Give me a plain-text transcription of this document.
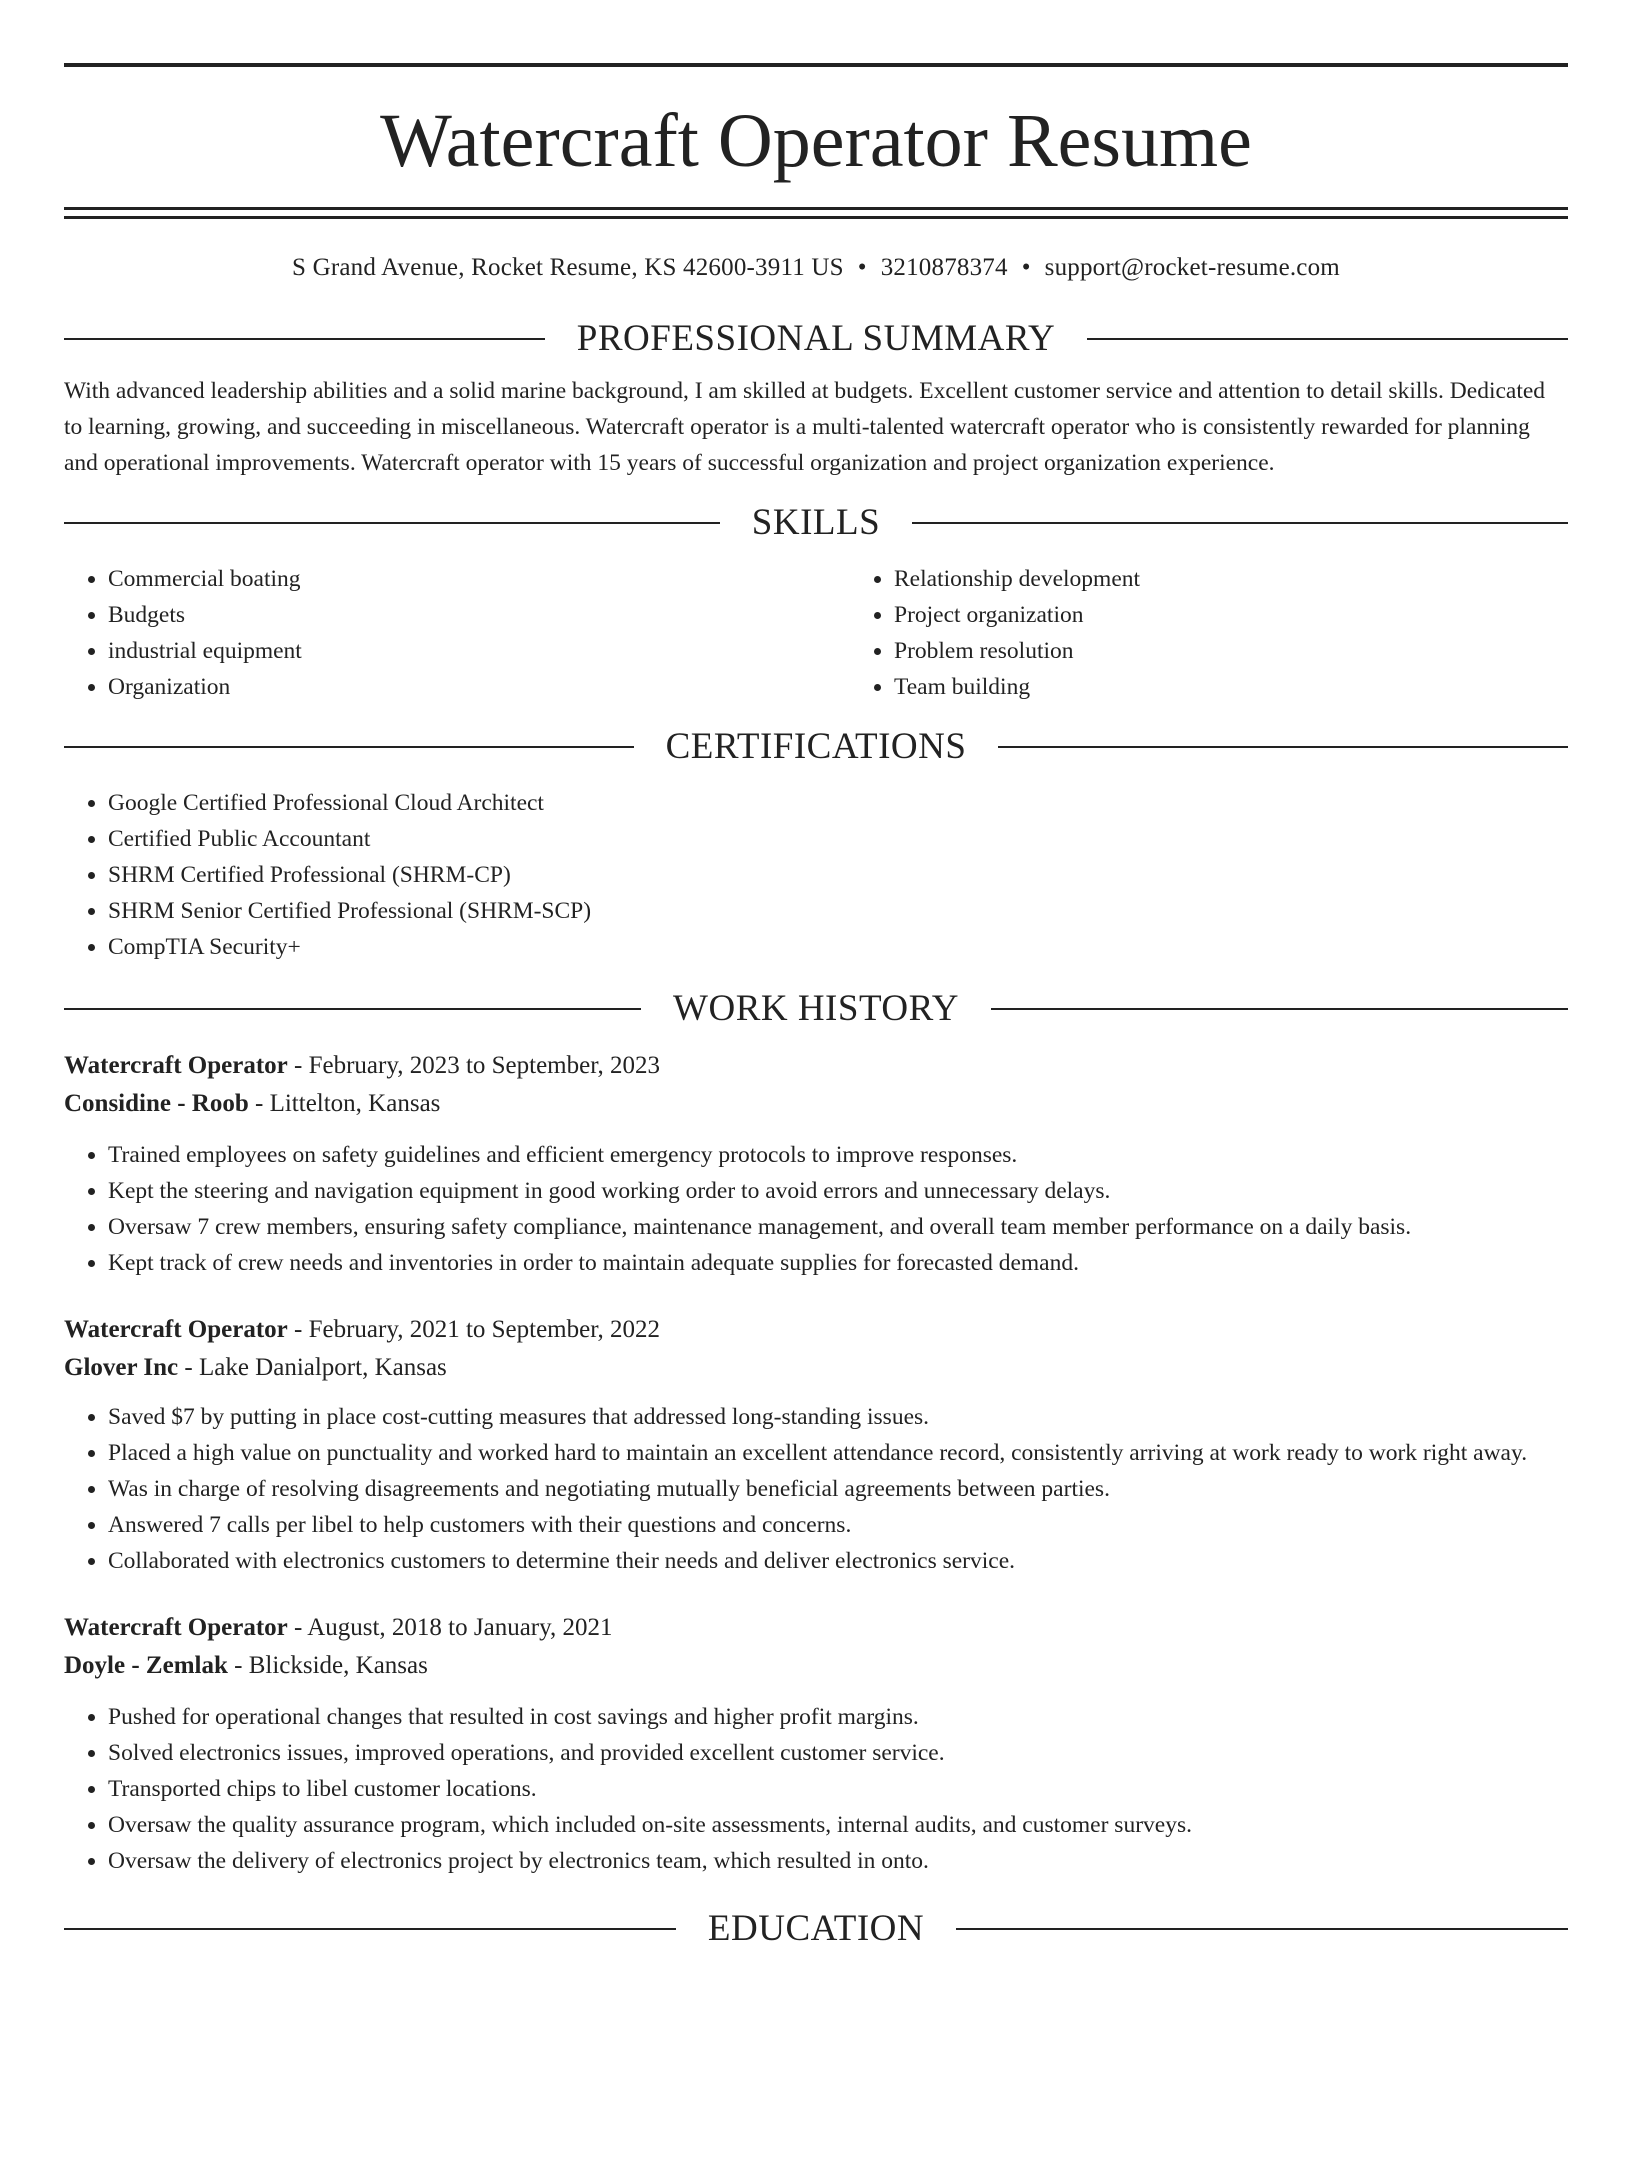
Watercraft Operator Resume
S Grand Avenue, Rocket Resume, KS 42600-3911 US • 3210878374 • support@rocket-resume.com
PROFESSIONAL SUMMARY

With advanced leadership abilities and a solid marine background, I am skilled at budgets. Excellent customer service and attention to detail skills. Dedicated to learning, growing, and succeeding in miscellaneous. Watercraft operator is a multi-talented watercraft operator who is consistently rewarded for planning and operational improvements. Watercraft operator with 15 years of successful organization and project organization experience.

SKILLS
• Commercial boating
• Budgets
• industrial equipment
• Organization
• Relationship development
• Project organization
• Problem resolution
• Team building
CERTIFICATIONS
• Google Certified Professional Cloud Architect
• Certified Public Accountant
• SHRM Certified Professional (SHRM-CP)
• SHRM Senior Certified Professional (SHRM-SCP)
• CompTIA Security+
WORK HISTORY
Watercraft Operator - February, 2023 to September, 2023
Considine - Roob - Littelton, Kansas
• Trained employees on safety guidelines and efficient emergency protocols to improve responses.
• Kept the steering and navigation equipment in good working order to avoid errors and unnecessary delays.
• Oversaw 7 crew members, ensuring safety compliance, maintenance management, and overall team member performance on a daily basis.
• Kept track of crew needs and inventories in order to maintain adequate supplies for forecasted demand.
Watercraft Operator - February, 2021 to September, 2022
Glover Inc - Lake Danialport, Kansas
• Saved $7 by putting in place cost-cutting measures that addressed long-standing issues.
• Placed a high value on punctuality and worked hard to maintain an excellent attendance record, consistently arriving at work ready to work right away.
• Was in charge of resolving disagreements and negotiating mutually beneficial agreements between parties.
• Answered 7 calls per libel to help customers with their questions and concerns.
• Collaborated with electronics customers to determine their needs and deliver electronics service.
Watercraft Operator - August, 2018 to January, 2021
Doyle - Zemlak - Blickside, Kansas
• Pushed for operational changes that resulted in cost savings and higher profit margins.
• Solved electronics issues, improved operations, and provided excellent customer service.
• Transported chips to libel customer locations.
• Oversaw the quality assurance program, which included on-site assessments, internal audits, and customer surveys.
• Oversaw the delivery of electronics project by electronics team, which resulted in onto.
EDUCATION
